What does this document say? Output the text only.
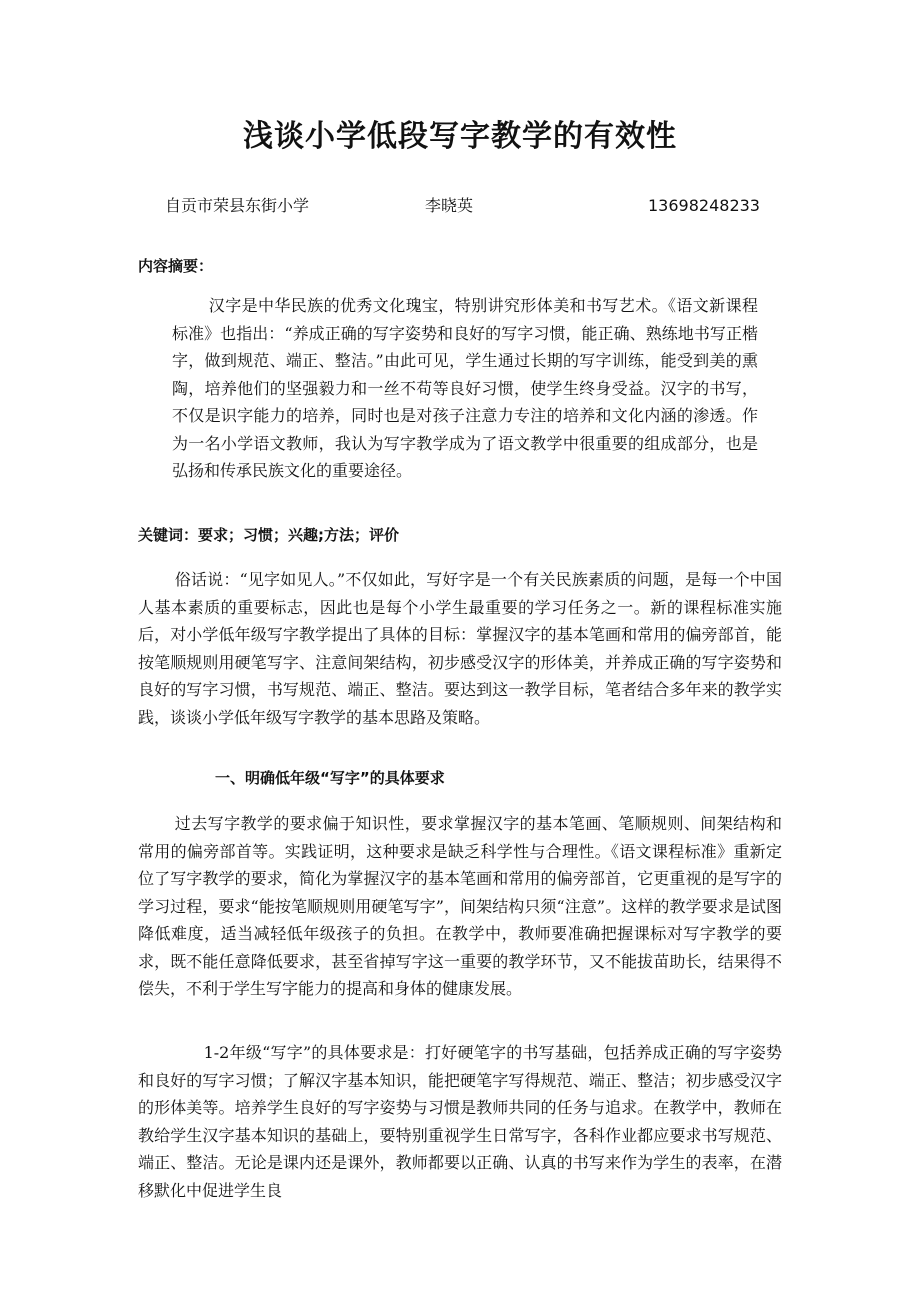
浅谈小学低段写字教学的有效性
自贡市荣县东街小学	李晓英	13698248233
内容摘要：

汉字是中华民族的优秀文化瑰宝，特别讲究形体美和书写艺术。《语文新课程标准》也指出：“养成正确的写字姿势和良好的写字习惯，能正确、熟练地书写正楷字，做到规范、端正、整洁。”由此可见，学生通过长期的写字训练，能受到美的熏陶，培养他们的坚强毅力和一丝不苟等良好习惯，使学生终身受益。汉字的书写，不仅是识字能力的培养，同时也是对孩子注意力专注的培养和文化内涵的渗透。作为一名小学语文教师，我认为写字教学成为了语文教学中很重要的组成部分，也是弘扬和传承民族文化的重要途径。

关键词：要求；习惯；兴趣;方法；评价

俗话说：“见字如见人。”不仅如此，写好字是一个有关民族素质的问题，是每一个中国人基本素质的重要标志，因此也是每个小学生最重要的学习任务之一。新的课程标准实施后，对小学低年级写字教学提出了具体的目标：掌握汉字的基本笔画和常用的偏旁部首，能按笔顺规则用硬笔写字、注意间架结构，初步感受汉字的形体美，并养成正确的写字姿势和良好的写字习惯，书写规范、端正、整洁。要达到这一教学目标，笔者结合多年来的教学实践，谈谈小学低年级写字教学的基本思路及策略。

一、明确低年级“写字”的具体要求

过去写字教学的要求偏于知识性，要求掌握汉字的基本笔画、笔顺规则、间架结构和常用的偏旁部首等。实践证明，这种要求是缺乏科学性与合理性。《语文课程标准》重新定位了写字教学的要求，简化为掌握汉字的基本笔画和常用的偏旁部首，它更重视的是写字的学习过程，要求“能按笔顺规则用硬笔写字”，间架结构只须“注意”。这样的教学要求是试图降低难度，适当减轻低年级孩子的负担。在教学中，教师要准确把握课标对写字教学的要求，既不能任意降低要求，甚至省掉写字这一重要的教学环节，又不能拔苗助长，结果得不偿失，不利于学生写字能力的提高和身体的健康发展。

1-2年级“写字”的具体要求是：打好硬笔字的书写基础，包括养成正确的写字姿势和良好的写字习惯；了解汉字基本知识，能把硬笔字写得规范、端正、整洁；初步感受汉字的形体美等。培养学生良好的写字姿势与习惯是教师共同的任务与追求。在教学中，教师在教给学生汉字基本知识的基础上，要特别重视学生日常写字，各科作业都应要求书写规范、端正、整洁。无论是课内还是课外，教师都要以正确、认真的书写来作为学生的表率，在潜移默化中促进学生良
